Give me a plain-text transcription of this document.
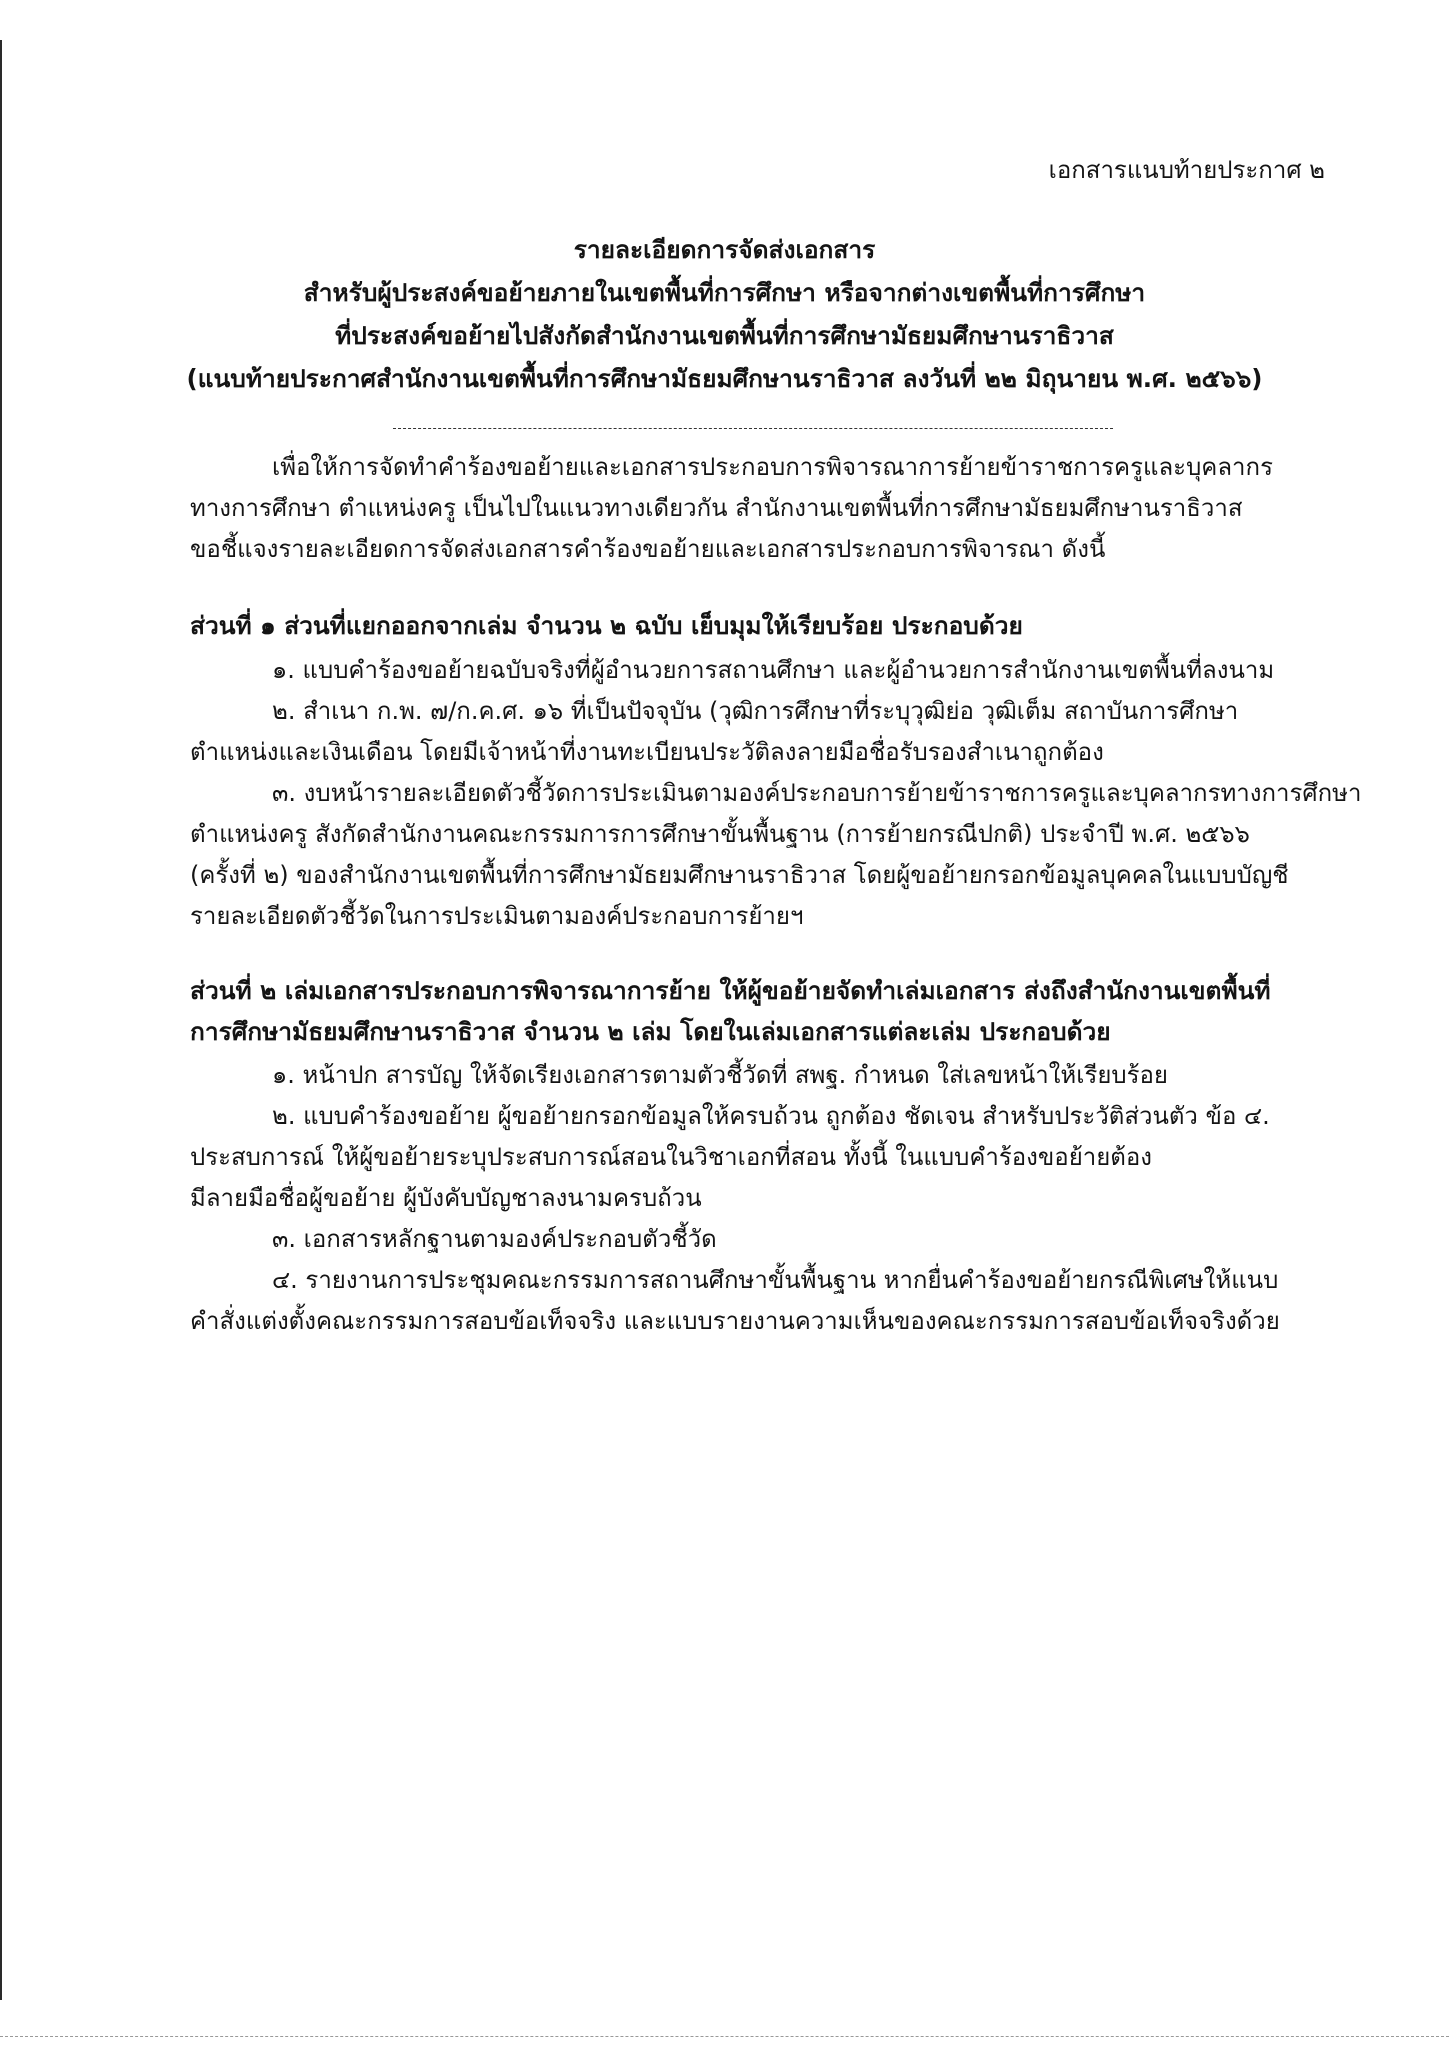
เอกสารแนบท้ายประกาศ ๒
รายละเอียดการจัดส่งเอกสาร
สำหรับผู้ประสงค์ขอย้ายภายในเขตพื้นที่การศึกษา หรือจากต่างเขตพื้นที่การศึกษา
ที่ประสงค์ขอย้ายไปสังกัดสำนักงานเขตพื้นที่การศึกษามัธยมศึกษานราธิวาส
(แนบท้ายประกาศสำนักงานเขตพื้นที่การศึกษามัธยมศึกษานราธิวาส ลงวันที่ ๒๒ มิถุนายน พ.ศ. ๒๕๖๖)
เพื่อให้การจัดทำคำร้องขอย้ายและเอกสารประกอบการพิจารณาการย้ายข้าราชการครูและบุคลากร
ทางการศึกษา ตำแหน่งครู เป็นไปในแนวทางเดียวกัน สำนักงานเขตพื้นที่การศึกษามัธยมศึกษานราธิวาส
ขอชี้แจงรายละเอียดการจัดส่งเอกสารคำร้องขอย้ายและเอกสารประกอบการพิจารณา ดังนี้
ส่วนที่ ๑ ส่วนที่แยกออกจากเล่ม จำนวน ๒ ฉบับ เย็บมุมให้เรียบร้อย ประกอบด้วย
๑. แบบคำร้องขอย้ายฉบับจริงที่ผู้อำนวยการสถานศึกษา และผู้อำนวยการสำนักงานเขตพื้นที่ลงนาม
๒. สำเนา ก.พ. ๗/ก.ค.ศ. ๑๖ ที่เป็นปัจจุบัน (วุฒิการศึกษาที่ระบุวุฒิย่อ วุฒิเต็ม สถาบันการศึกษา
ตำแหน่งและเงินเดือน โดยมีเจ้าหน้าที่งานทะเบียนประวัติลงลายมือชื่อรับรองสำเนาถูกต้อง
๓. งบหน้ารายละเอียดตัวชี้วัดการประเมินตามองค์ประกอบการย้ายข้าราชการครูและบุคลากรทางการศึกษา
ตำแหน่งครู สังกัดสำนักงานคณะกรรมการการศึกษาขั้นพื้นฐาน (การย้ายกรณีปกติ) ประจำปี พ.ศ. ๒๕๖๖
(ครั้งที่ ๒) ของสำนักงานเขตพื้นที่การศึกษามัธยมศึกษานราธิวาส โดยผู้ขอย้ายกรอกข้อมูลบุคคลในแบบบัญชี
รายละเอียดตัวชี้วัดในการประเมินตามองค์ประกอบการย้ายฯ
ส่วนที่ ๒ เล่มเอกสารประกอบการพิจารณาการย้าย ให้ผู้ขอย้ายจัดทำเล่มเอกสาร ส่งถึงสำนักงานเขตพื้นที่
การศึกษามัธยมศึกษานราธิวาส จำนวน ๒ เล่ม โดยในเล่มเอกสารแต่ละเล่ม ประกอบด้วย
๑. หน้าปก สารบัญ ให้จัดเรียงเอกสารตามตัวชี้วัดที่ สพฐ. กำหนด ใส่เลขหน้าให้เรียบร้อย
๒. แบบคำร้องขอย้าย ผู้ขอย้ายกรอกข้อมูลให้ครบถ้วน ถูกต้อง ชัดเจน สำหรับประวัติส่วนตัว ข้อ ๔.
ประสบการณ์ ให้ผู้ขอย้ายระบุประสบการณ์สอนในวิชาเอกที่สอน ทั้งนี้ ในแบบคำร้องขอย้ายต้อง
มีลายมือชื่อผู้ขอย้าย ผู้บังคับบัญชาลงนามครบถ้วน
๓. เอกสารหลักฐานตามองค์ประกอบตัวชี้วัด
๔. รายงานการประชุมคณะกรรมการสถานศึกษาขั้นพื้นฐาน หากยื่นคำร้องขอย้ายกรณีพิเศษให้แนบ
คำสั่งแต่งตั้งคณะกรรมการสอบข้อเท็จจริง และแบบรายงานความเห็นของคณะกรรมการสอบข้อเท็จจริงด้วย
